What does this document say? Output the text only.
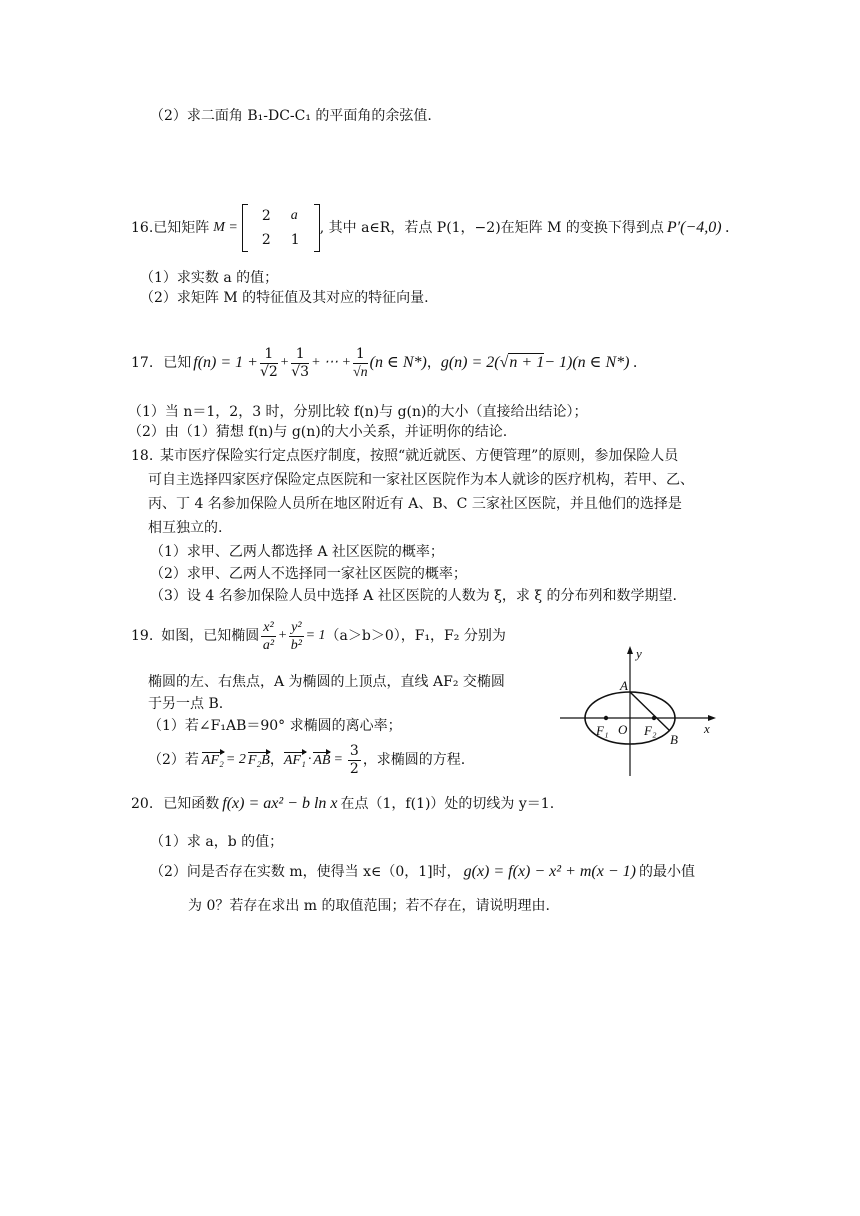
（2）求二面角 B₁-DC-C₁ 的平面角的余弦值.
16. 已知矩阵 M =
2	a
2	1
, 其中 a∈R，若点 P(1，−2)在矩阵 M 的变换下得到点 P′(−4,0) .
（1）求实数 a 的值；
（2）求矩阵 M 的特征值及其对应的特征向量.
17. 已知 $f(n) = 1 + \frac{1}{√2} + \frac{1}{√3}$ + ⋯ + $\frac{1}{√n} (n$ ∈ N*) ， g(n) = 2( √n + 1 − 1)(n ∈ N*) .
（1）当 n＝1，2，3 时，分别比较 f(n)与 g(n)的大小（直接给出结论）；
（2）由（1）猜想 f(n)与 g(n)的大小关系，并证明你的结论.
18. 某市医疗保险实行定点医疗制度，按照“就近就医、方便管理”的原则，参加保险人员
可自主选择四家医疗保险定点医院和一家社区医院作为本人就诊的医疗机构，若甲、乙、
丙、丁 4 名参加保险人员所在地区附近有 A、B、C 三家社区医院，并且他们的选择是
相互独立的.
（1）求甲、乙两人都选择 A 社区医院的概率；
（2）求甲、乙两人不选择同一家社区医院的概率；
（3）设 4 名参加保险人员中选择 A 社区医院的人数为 ξ，求 ξ 的分布列和数学期望.
19. 如图，已知椭圆 $\frac{\text{x²}}{\text{a²}} + \frac{\text{y²}}{\text{b²}} = 1$ （a＞b＞0），F₁，F₂ 分别为
椭圆的左、右焦点，A 为椭圆的上顶点，直线 AF₂ 交椭圆
于另一点 B.
（1）若∠F₁AB＝90° 求椭圆的离心率；
（2）若 AF₂ = 2 F₂B ， AF₁ · AB = $\frac{3}{2}$ ，求椭圆的方程.
y
x
A
O
F₁	F₂
B
20. 已知函数 f(x) = ax² − b ln x 在点（1，f(1)）处的切线为 y＝1.
（1）求 a，b 的值；
（2）问是否存在实数 m，使得当 x∈（0，1]时， g(x) = f(x) − x² + m(x − 1) 的最小值
为 0？若存在求出 m 的取值范围；若不存在，请说明理由.
